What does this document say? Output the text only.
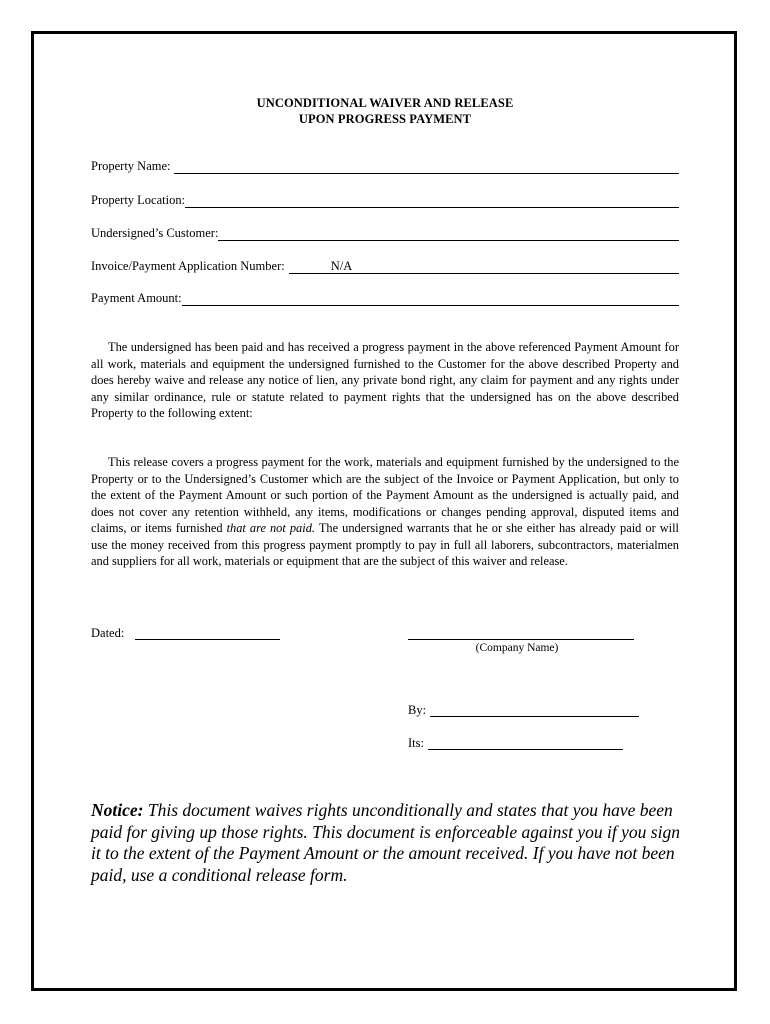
UNCONDITIONAL WAIVER AND RELEASE
UPON PROGRESS PAYMENT
Property Name:
Property Location:
Undersigned’s Customer:
Invoice/Payment Application Number:	N/A
Payment Amount:

The undersigned has been paid and has received a progress payment in the above referenced Payment Amount for all work, materials and equipment the undersigned furnished to the Customer for the above described Property and does hereby waive and release any notice of lien, any private bond right, any claim for payment and any rights under any similar ordinance, rule or statute related to payment rights that the undersigned has on the above described Property to the following extent:

This release covers a progress payment for the work, materials and equipment furnished by the undersigned to the Property or to the Undersigned’s Customer which are the subject of the Invoice or Payment Application, but only to the extent of the Payment Amount or such portion of the Payment Amount as the undersigned is actually paid, and does not cover any retention withheld, any items, modifications or changes pending approval, disputed items and claims, or items furnished that are not paid. The undersigned warrants that he or she either has already paid or will use the money received from this progress payment promptly to pay in full all laborers, subcontractors, materialmen and suppliers for all work, materials or equipment that are the subject of this waiver and release.

Dated:
(Company Name)
By:
Its:

Notice: This document waives rights unconditionally and states that you have been paid for giving up those rights. This document is enforceable against you if you sign it to the extent of the Payment Amount or the amount received. If you have not been paid, use a conditional release form.
